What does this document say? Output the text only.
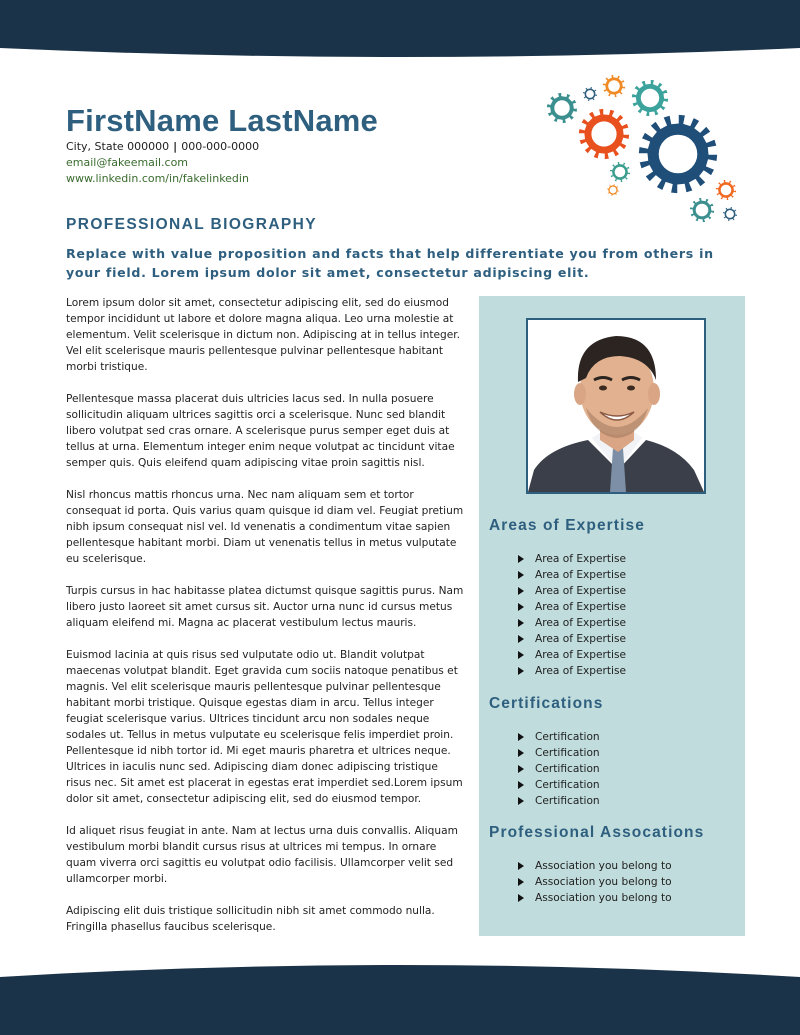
FirstName LastName
City, State 000000 | 000-000-0000
email@fakeemail.com
www.linkedin.com/in/fakelinkedin
PROFESSIONAL BIOGRAPHY

Replace with value proposition and facts that help differentiate you from others in your field. Lorem ipsum dolor sit amet, consectetur adipiscing elit.

Lorem ipsum dolor sit amet, consectetur adipiscing elit, sed do eiusmod tempor incididunt ut labore et dolore magna aliqua. Leo urna molestie at elementum. Velit scelerisque in dictum non. Adipiscing at in tellus integer. Vel elit scelerisque mauris pellentesque pulvinar pellentesque habitant morbi tristique.

Pellentesque massa placerat duis ultricies lacus sed. In nulla posuere sollicitudin aliquam ultrices sagittis orci a scelerisque. Nunc sed blandit libero volutpat sed cras ornare. A scelerisque purus semper eget duis at tellus at urna. Elementum integer enim neque volutpat ac tincidunt vitae semper quis. Quis eleifend quam adipiscing vitae proin sagittis nisl.

Nisl rhoncus mattis rhoncus urna. Nec nam aliquam sem et tortor consequat id porta. Quis varius quam quisque id diam vel. Feugiat pretium nibh ipsum consequat nisl vel. Id venenatis a condimentum vitae sapien pellentesque habitant morbi. Diam ut venenatis tellus in metus vulputate eu scelerisque.

Turpis cursus in hac habitasse platea dictumst quisque sagittis purus. Nam libero justo laoreet sit amet cursus sit. Auctor urna nunc id cursus metus aliquam eleifend mi. Magna ac placerat vestibulum lectus mauris.

Euismod lacinia at quis risus sed vulputate odio ut. Blandit volutpat maecenas volutpat blandit. Eget gravida cum sociis natoque penatibus et magnis. Vel elit scelerisque mauris pellentesque pulvinar pellentesque habitant morbi tristique. Quisque egestas diam in arcu. Tellus integer feugiat scelerisque varius. Ultrices tincidunt arcu non sodales neque sodales ut. Tellus in metus vulputate eu scelerisque felis imperdiet proin. Pellentesque id nibh tortor id. Mi eget mauris pharetra et ultrices neque. Ultrices in iaculis nunc sed. Adipiscing diam donec adipiscing tristique risus nec. Sit amet est placerat in egestas erat imperdiet sed.Lorem ipsum dolor sit amet, consectetur adipiscing elit, sed do eiusmod tempor.

Id aliquet risus feugiat in ante. Nam at lectus urna duis convallis. Aliquam vestibulum morbi blandit cursus risus at ultrices mi tempus. In ornare quam viverra orci sagittis eu volutpat odio facilisis. Ullamcorper velit sed ullamcorper morbi.

Adipiscing elit duis tristique sollicitudin nibh sit amet commodo nulla. Fringilla phasellus faucibus scelerisque.

Areas of Expertise
Area of Expertise
Area of Expertise
Area of Expertise
Area of Expertise
Area of Expertise
Area of Expertise
Area of Expertise
Area of Expertise
Certifications
Certification
Certification
Certification
Certification
Certification
Professional Assocations
Association you belong to
Association you belong to
Association you belong to
